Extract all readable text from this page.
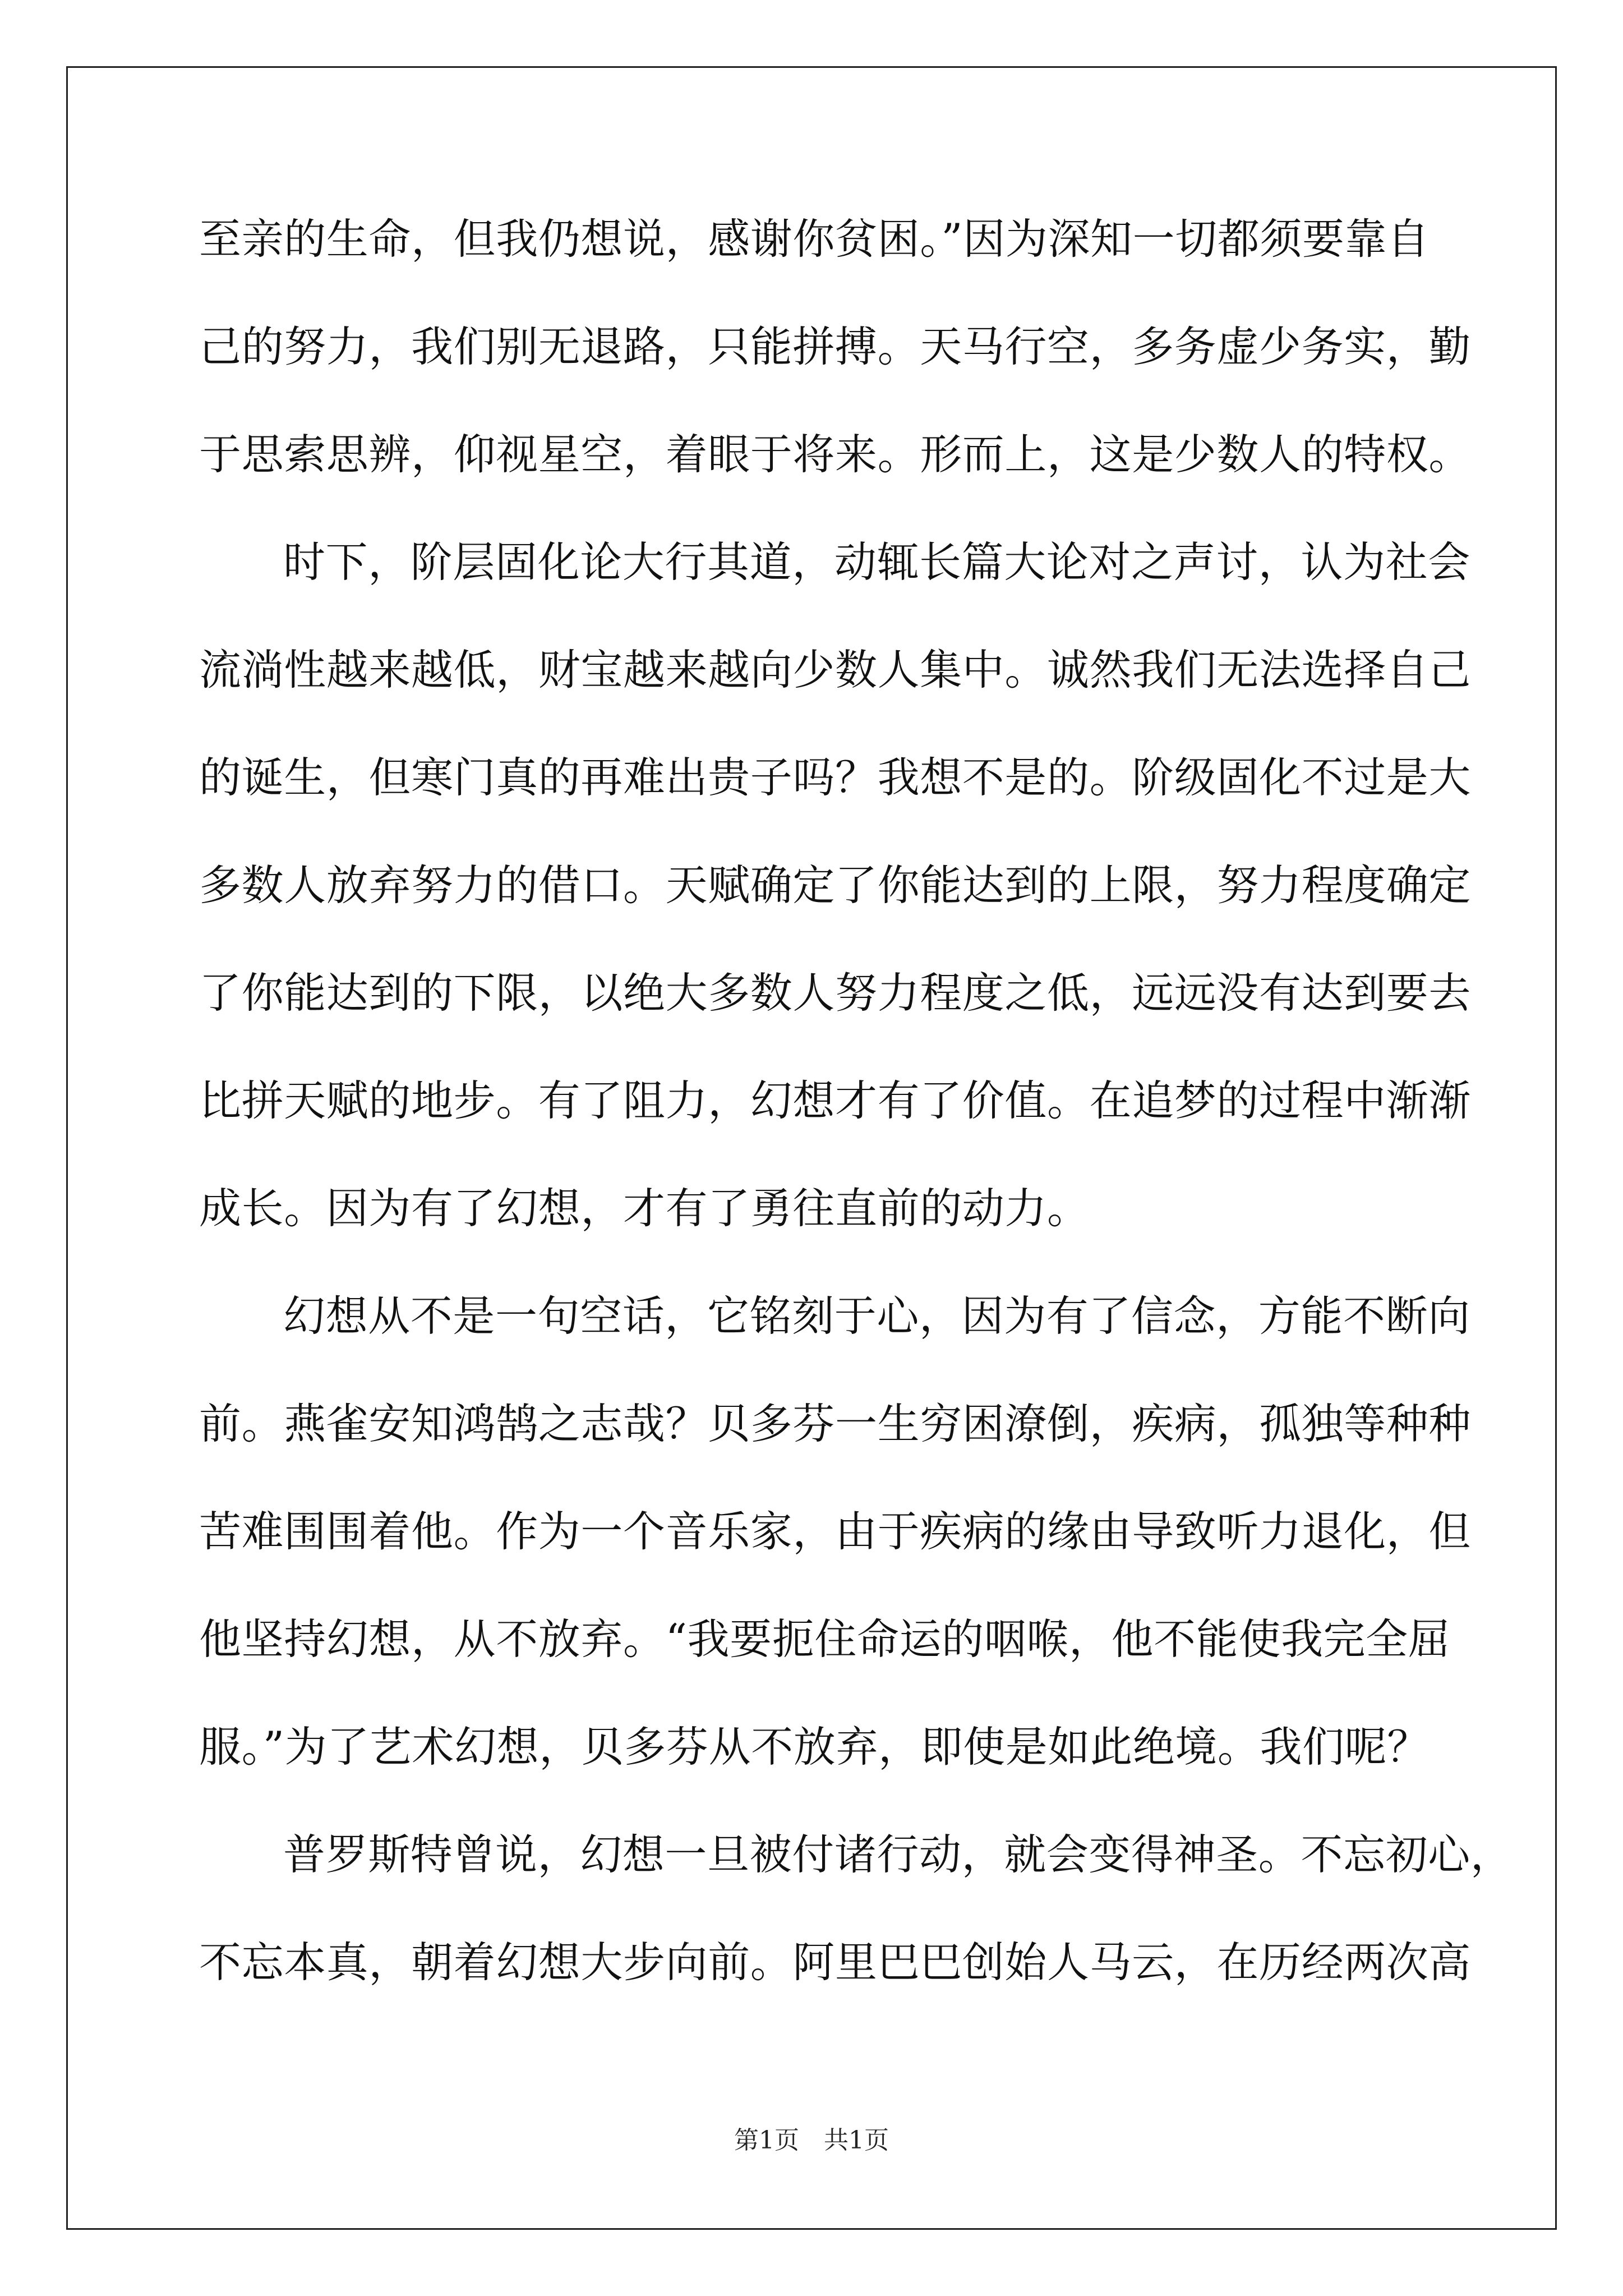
至亲的生命，但我仍想说，感谢你贫困。”因为深知一切都须要靠自
己的努力，我们别无退路，只能拼搏。天马行空，多务虚少务实，勤
于思索思辨，仰视星空，着眼于将来。形而上，这是少数人的特权。
时下，阶层固化论大行其道，动辄长篇大论对之声讨，认为社会
流淌性越来越低，财宝越来越向少数人集中。诚然我们无法选择自己
的诞生，但寒门真的再难出贵子吗？我想不是的。阶级固化不过是大
多数人放弃努力的借口。天赋确定了你能达到的上限，努力程度确定
了你能达到的下限，以绝大多数人努力程度之低，远远没有达到要去
比拼天赋的地步。有了阻力，幻想才有了价值。在追梦的过程中渐渐
成长。因为有了幻想，才有了勇往直前的动力。
幻想从不是一句空话，它铭刻于心，因为有了信念，方能不断向
前。燕雀安知鸿鹄之志哉？贝多芬一生穷困潦倒，疾病，孤独等种种
苦难围围着他。作为一个音乐家，由于疾病的缘由导致听力退化，但
他坚持幻想，从不放弃。“我要扼住命运的咽喉，他不能使我完全屈
服。”为了艺术幻想，贝多芬从不放弃，即使是如此绝境。我们呢？
普罗斯特曾说，幻想一旦被付诸行动，就会变得神圣。不忘初心，
不忘本真，朝着幻想大步向前。阿里巴巴创始人马云，在历经两次高
第1页　共1页
